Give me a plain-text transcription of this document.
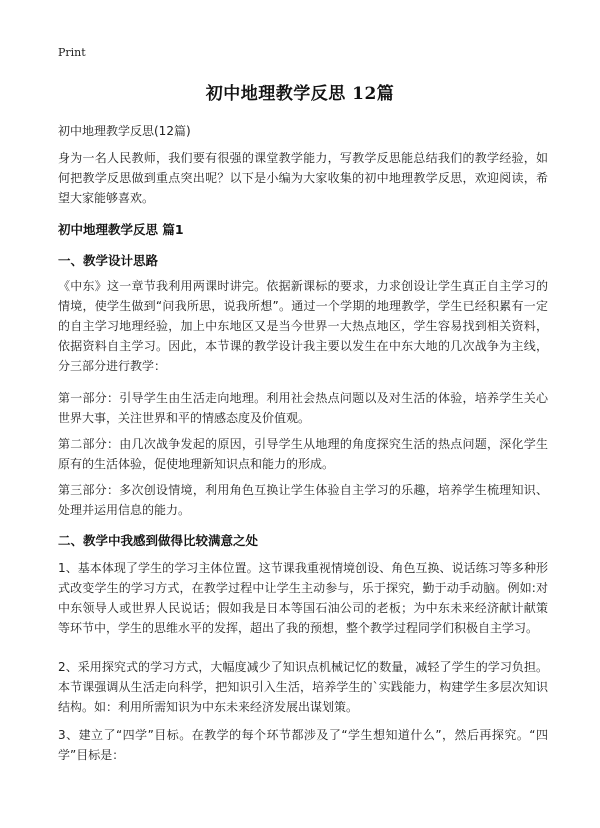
Print
初中地理教学反思 12篇
初中地理教学反思(12篇)

身为一名人民教师，我们要有很强的课堂教学能力，写教学反思能总结我们的教学经验，如何把教学反思做到重点突出呢？以下是小编为大家收集的初中地理教学反思，欢迎阅读，希望大家能够喜欢。

初中地理教学反思 篇1
一、教学设计思路

《中东》这一章节我利用两课时讲完。依据新课标的要求，力求创设让学生真正自主学习的情境，使学生做到“问我所思，说我所想”。通过一个学期的地理教学，学生已经积累有一定的自主学习地理经验，加上中东地区又是当今世界一大热点地区，学生容易找到相关资料，依据资料自主学习。因此，本节课的教学设计我主要以发生在中东大地的几次战争为主线，分三部分进行教学：

第一部分：引导学生由生活走向地理。利用社会热点问题以及对生活的体验，培养学生关心世界大事，关注世界和平的情感态度及价值观。

第二部分：由几次战争发起的原因，引导学生从地理的角度探究生活的热点问题，深化学生原有的生活体验，促使地理新知识点和能力的形成。

第三部分：多次创设情境，利用角色互换让学生体验自主学习的乐趣，培养学生梳理知识、处理并运用信息的能力。

二、教学中我感到做得比较满意之处

1、基本体现了学生的学习主体位置。这节课我重视情境创设、角色互换、说话练习等多种形式改变学生的学习方式，在教学过程中让学生主动参与，乐于探究，勤于动手动脑。例如:对中东领导人或世界人民说话；假如我是日本等国石油公司的老板；为中东未来经济献计献策等环节中，学生的思维水平的发挥，超出了我的预想，整个教学过程同学们积极自主学习。

2、采用探究式的学习方式，大幅度减少了知识点机械记忆的数量，减轻了学生的学习负担。本节课强调从生活走向科学，把知识引入生活，培养学生的`实践能力，构建学生多层次知识结构。如：利用所需知识为中东未来经济发展出谋划策。

3、建立了“四学”目标。在教学的每个环节都涉及了“学生想知道什么”，然后再探究。“四学”目标是：
